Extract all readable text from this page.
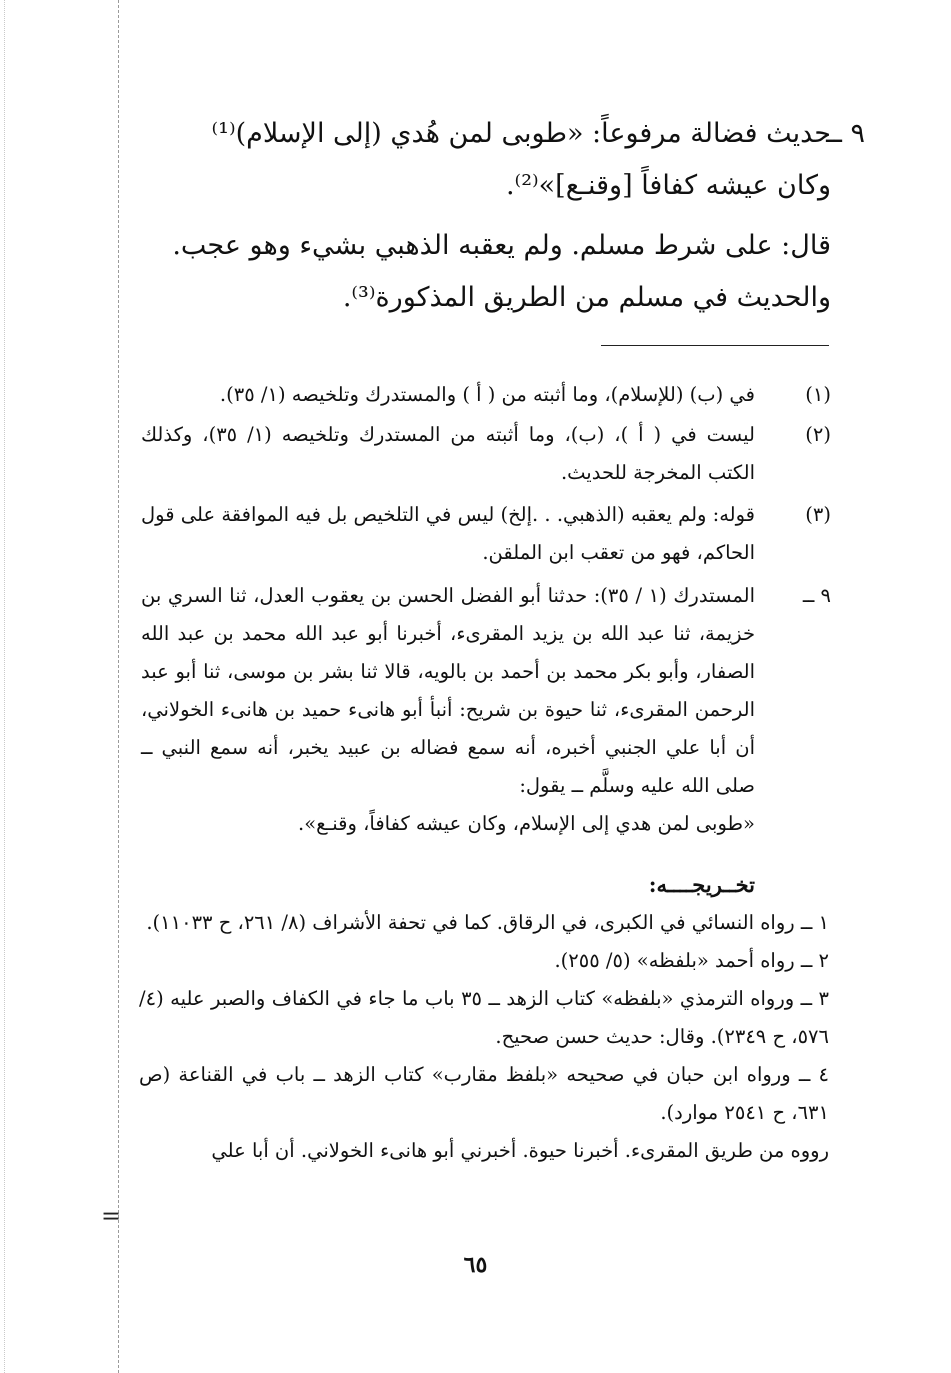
=
٩ ــ
حديث فضالة مرفوعاً: «طوبى لمن هُدي (إلى الإسلام)⁽¹⁾
وكان عيشه كفافاً [وقنـع]»⁽²⁾.
قال: على شرط مسلم. ولم يعقبه الذهبي بشيء وهو عجب.
والحديث في مسلم من الطريق المذكورة⁽³⁾.
(١)
في (ب) (للإسلام)، وما أثبته من ( أ ) والمستدرك وتلخيصه (١/ ٣٥).
(٢)
ليست في ( أ )، (ب)، وما أثبته من المستدرك وتلخيصه (١/ ٣٥)، وكذلك الكتب المخرجة للحديث.
(٣)
قوله: ولم يعقبه (الذهبي. . .إلخ) ليس في التلخيص بل فيه الموافقة على قول الحاكم، فهو من تعقب ابن الملقن.
٩ ــ
المستدرك (١ / ٣٥): حدثنا أبو الفضل الحسن بن يعقوب العدل، ثنا السري بن خزيمة، ثنا عبد الله بن يزيد المقرىء، أخبرنا أبو عبد الله محمد بن عبد الله الصفار، وأبو بكر محمد بن أحمد بن بالويه، قالا ثنا بشر بن موسى، ثنا أبو عبد الرحمن المقرىء، ثنا حيوة بن شريح: أنبأ أبو هانىء حميد بن هانىء الخولاني، أن أبا علي الجنبي أخبره، أنه سمع فضاله بن عبيد يخبر، أنه سمع النبي ــ صلى الله عليه وسلَّم ــ يقول:
«طوبى لمن هدي إلى الإسلام، وكان عيشه كفافاً، وقنـع».
تخــريجــــه:

١ ــ رواه النسائي في الكبرى، في الرقاق. كما في تحفة الأشراف (٨/ ٢٦١، ح ١١٠٣٣).

٢ ــ رواه أحمد «بلفظه» (٥/ ٢٥٥).

٣ ــ ورواه الترمذي «بلفظه» كتاب الزهد ــ ٣٥ باب ما جاء في الكفاف والصبر عليه (٤/ ٥٧٦، ح ٢٣٤٩). وقال: حديث حسن صحيح.

٤ ــ ورواه ابن حبان في صحيحه «بلفظ مقارب» كتاب الزهد ــ باب في القناعة (ص ٦٣١، ح ٢٥٤١ موارد).

رووه من طريق المقرىء. أخبرنا حيوة. أخبرني أبو هانىء الخولاني. أن أبا علي

٦٥
